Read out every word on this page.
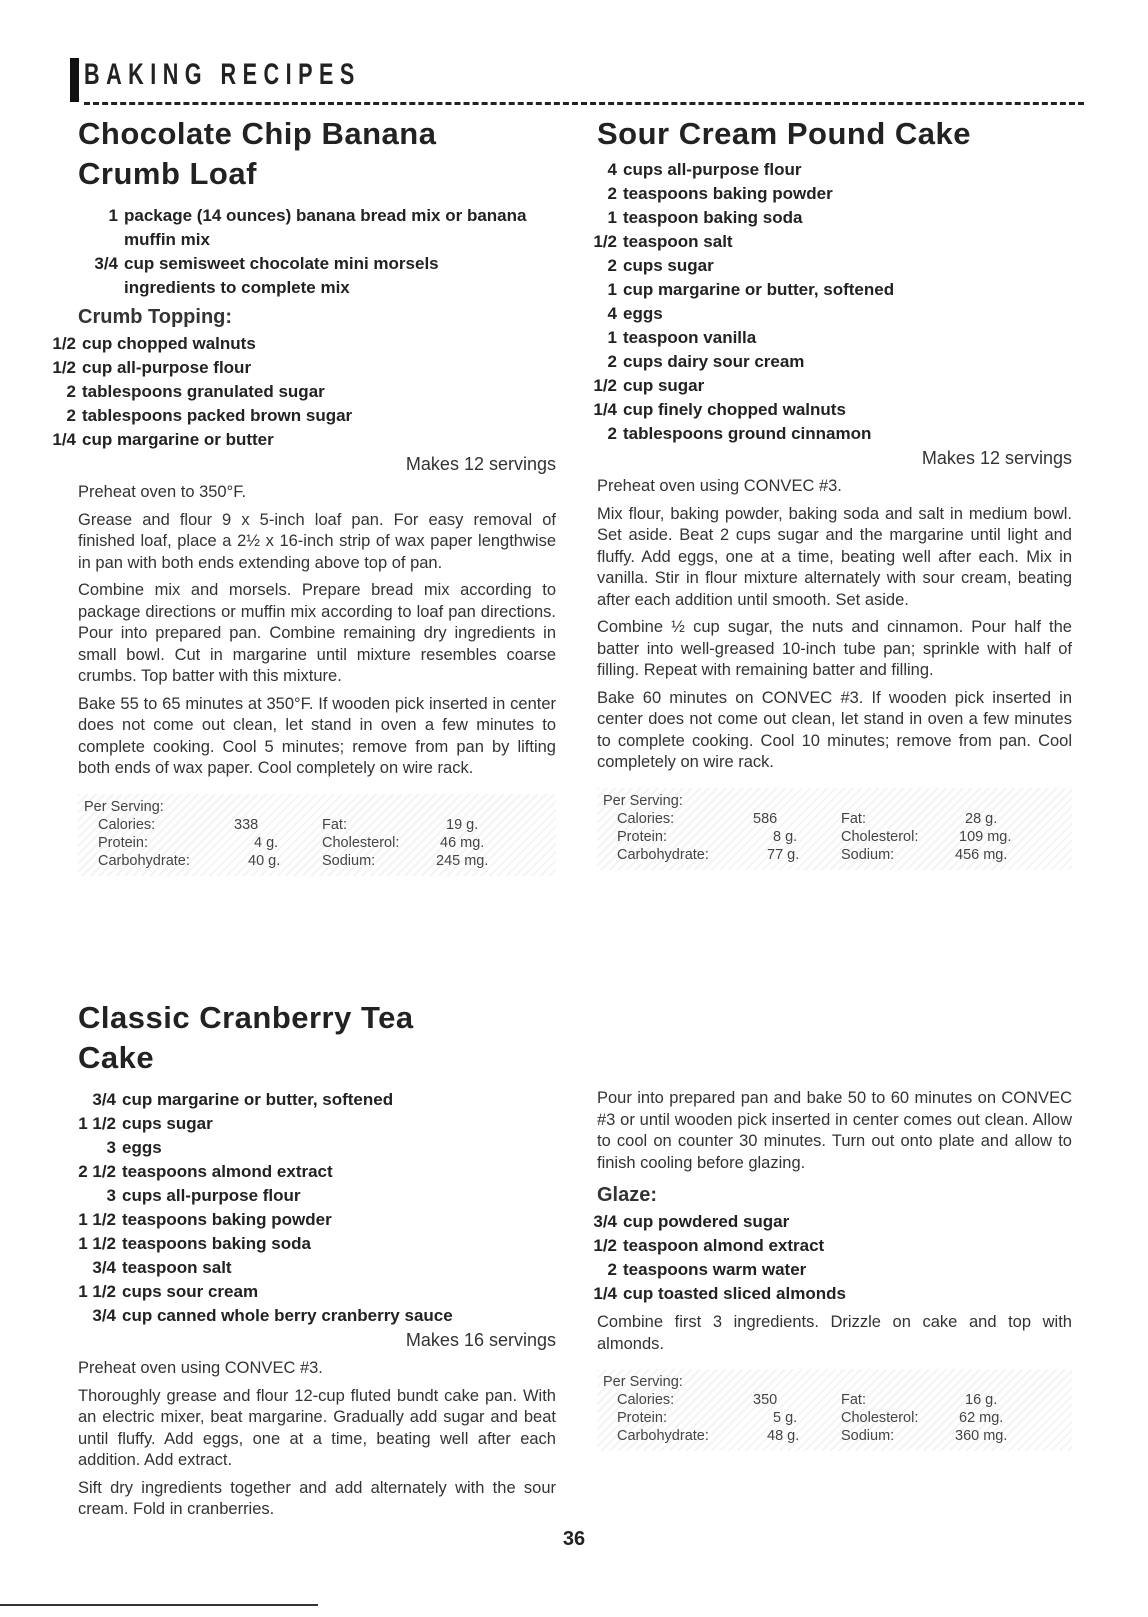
BAKING RECIPES
Chocolate Chip Banana
Crumb Loaf
1 package (14 ounces) banana bread mix or banana muffin mix
3/4 cup semisweet chocolate mini morsels
ingredients to complete mix
Crumb Topping:
1/2 cup chopped walnuts
1/2 cup all-purpose flour
2 tablespoons granulated sugar
2 tablespoons packed brown sugar
1/4 cup margarine or butter

Makes 12 servings

Preheat oven to 350°F.

Grease and flour 9 x 5-inch loaf pan. For easy removal of finished loaf, place a 2½ x 16-inch strip of wax paper lengthwise in pan with both ends extending above top of pan.

Combine mix and morsels. Prepare bread mix according to package directions or muffin mix according to loaf pan directions. Pour into prepared pan. Combine remaining dry ingredients in small bowl. Cut in margarine until mixture resembles coarse crumbs. Top batter with this mixture.

Bake 55 to 65 minutes at 350°F. If wooden pick inserted in center does not come out clean, let stand in oven a few minutes to complete cooking. Cool 5 minutes; remove from pan by lifting both ends of wax paper. Cool completely on wire rack.

Per Serving:
Calories:	338	Fat:	19 g.
Protein:	4 g.	Cholesterol:	46 mg.
Carbohydrate:	40 g.	Sodium:	245 mg.
Sour Cream Pound Cake
4 cups all-purpose flour
2 teaspoons baking powder
1 teaspoon baking soda
1/2 teaspoon salt
2 cups sugar
1 cup margarine or butter, softened
4 eggs
1 teaspoon vanilla
2 cups dairy sour cream
1/2 cup sugar
1/4 cup finely chopped walnuts
2 tablespoons ground cinnamon

Makes 12 servings

Preheat oven using CONVEC #3.

Mix flour, baking powder, baking soda and salt in medium bowl. Set aside. Beat 2 cups sugar and the margarine until light and fluffy. Add eggs, one at a time, beating well after each. Mix in vanilla. Stir in flour mixture alternately with sour cream, beating after each addition until smooth. Set aside.

Combine ½ cup sugar, the nuts and cinnamon. Pour half the batter into well-greased 10-inch tube pan; sprinkle with half of filling. Repeat with remaining batter and filling.

Bake 60 minutes on CONVEC #3. If wooden pick inserted in center does not come out clean, let stand in oven a few minutes to complete cooking. Cool 10 minutes; remove from pan. Cool completely on wire rack.

Per Serving:
Calories:	586	Fat:	28 g.
Protein:	8 g.	Cholesterol:	109 mg.
Carbohydrate:	77 g.	Sodium:	456 mg.
Classic Cranberry Tea
Cake
3/4 cup margarine or butter, softened
1 1/2 cups sugar
3 eggs
2 1/2 teaspoons almond extract
3 cups all-purpose flour
1 1/2 teaspoons baking powder
1 1/2 teaspoons baking soda
3/4 teaspoon salt
1 1/2 cups sour cream
3/4 cup canned whole berry cranberry sauce

Makes 16 servings

Preheat oven using CONVEC #3.

Thoroughly grease and flour 12-cup fluted bundt cake pan. With an electric mixer, beat margarine. Gradually add sugar and beat until fluffy. Add eggs, one at a time, beating well after each addition. Add extract.

Sift dry ingredients together and add alternately with the sour cream. Fold in cranberries.

Pour into prepared pan and bake 50 to 60 minutes on CONVEC #3 or until wooden pick inserted in center comes out clean. Allow to cool on counter 30 minutes. Turn out onto plate and allow to finish cooling before glazing.

Glaze:
3/4 cup powdered sugar
1/2 teaspoon almond extract
2 teaspoons warm water
1/4 cup toasted sliced almonds

Combine first 3 ingredients. Drizzle on cake and top with almonds.

Per Serving:
Calories:	350	Fat:	16 g.
Protein:	5 g.	Cholesterol:	62 mg.
Carbohydrate:	48 g.	Sodium:	360 mg.
36
